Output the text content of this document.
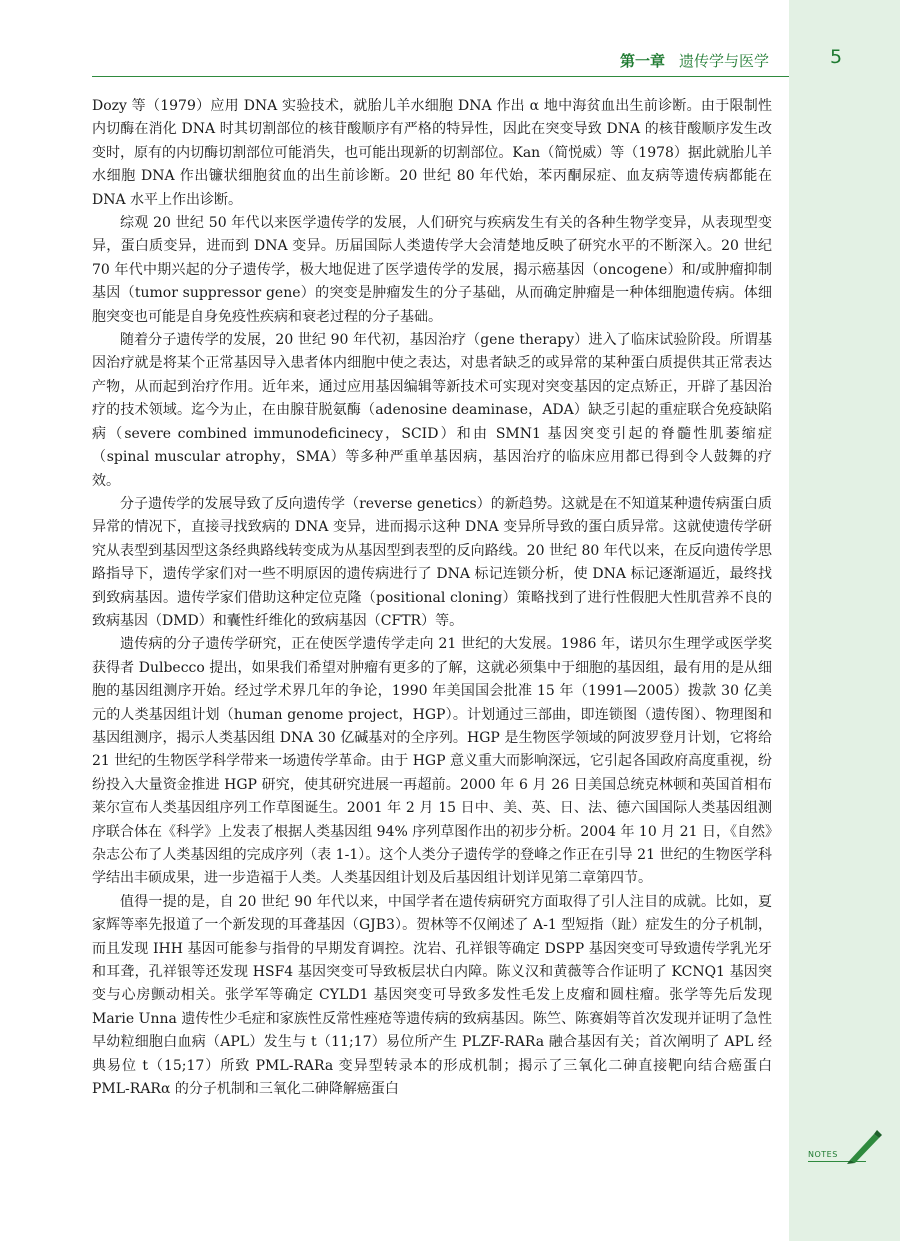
第一章 遗传学与医学	5

Dozy 等（1979）应用 DNA 实验技术，就胎儿羊水细胞 DNA 作出 α 地中海贫血出生前诊断。由于限制性内切酶在消化 DNA 时其切割部位的核苷酸顺序有严格的特异性，因此在突变导致 DNA 的核苷酸顺序发生改变时，原有的内切酶切割部位可能消失，也可能出现新的切割部位。Kan（简悦威）等（1978）据此就胎儿羊水细胞 DNA 作出镰状细胞贫血的出生前诊断。20 世纪 80 年代始，苯丙酮尿症、血友病等遗传病都能在 DNA 水平上作出诊断。

综观 20 世纪 50 年代以来医学遗传学的发展，人们研究与疾病发生有关的各种生物学变异，从表现型变异，蛋白质变异，进而到 DNA 变异。历届国际人类遗传学大会清楚地反映了研究水平的不断深入。20 世纪 70 年代中期兴起的分子遗传学，极大地促进了医学遗传学的发展，揭示癌基因（oncogene）和/或肿瘤抑制基因（tumor suppressor gene）的突变是肿瘤发生的分子基础，从而确定肿瘤是一种体细胞遗传病。体细胞突变也可能是自身免疫性疾病和衰老过程的分子基础。

随着分子遗传学的发展，20 世纪 90 年代初，基因治疗（gene therapy）进入了临床试验阶段。所谓基因治疗就是将某个正常基因导入患者体内细胞中使之表达，对患者缺乏的或异常的某种蛋白质提供其正常表达产物，从而起到治疗作用。近年来，通过应用基因编辑等新技术可实现对突变基因的定点矫正，开辟了基因治疗的技术领域。迄今为止，在由腺苷脱氨酶（adenosine deaminase，ADA）缺乏引起的重症联合免疫缺陷病（severe combined immunodeficinecy，SCID）和由 SMN1 基因突变引起的脊髓性肌萎缩症（spinal muscular atrophy，SMA）等多种严重单基因病，基因治疗的临床应用都已得到令人鼓舞的疗效。

分子遗传学的发展导致了反向遗传学（reverse genetics）的新趋势。这就是在不知道某种遗传病蛋白质异常的情况下，直接寻找致病的 DNA 变异，进而揭示这种 DNA 变异所导致的蛋白质异常。这就使遗传学研究从表型到基因型这条经典路线转变成为从基因型到表型的反向路线。20 世纪 80 年代以来，在反向遗传学思路指导下，遗传学家们对一些不明原因的遗传病进行了 DNA 标记连锁分析，使 DNA 标记逐渐逼近，最终找到致病基因。遗传学家们借助这种定位克隆（positional cloning）策略找到了进行性假肥大性肌营养不良的致病基因（DMD）和囊性纤维化的致病基因（CFTR）等。

遗传病的分子遗传学研究，正在使医学遗传学走向 21 世纪的大发展。1986 年，诺贝尔生理学或医学奖获得者 Dulbecco 提出，如果我们希望对肿瘤有更多的了解，这就必须集中于细胞的基因组，最有用的是从细胞的基因组测序开始。经过学术界几年的争论，1990 年美国国会批准 15 年（1991—2005）拨款 30 亿美元的人类基因组计划（human genome project，HGP）。计划通过三部曲，即连锁图（遗传图）、物理图和基因组测序，揭示人类基因组 DNA 30 亿碱基对的全序列。HGP 是生物医学领域的阿波罗登月计划，它将给 21 世纪的生物医学科学带来一场遗传学革命。由于 HGP 意义重大而影响深远，它引起各国政府高度重视，纷纷投入大量资金推进 HGP 研究，使其研究进展一再超前。2000 年 6 月 26 日美国总统克林顿和英国首相布莱尔宣布人类基因组序列工作草图诞生。2001 年 2 月 15 日中、美、英、日、法、德六国国际人类基因组测序联合体在《科学》上发表了根据人类基因组 94% 序列草图作出的初步分析。2004 年 10 月 21 日，《自然》杂志公布了人类基因组的完成序列（表 1-1）。这个人类分子遗传学的登峰之作正在引导 21 世纪的生物医学科学结出丰硕成果，进一步造福于人类。人类基因组计划及后基因组计划详见第二章第四节。

值得一提的是，自 20 世纪 90 年代以来，中国学者在遗传病研究方面取得了引人注目的成就。比如，夏家辉等率先报道了一个新发现的耳聋基因（GJB3）。贺林等不仅阐述了 A-1 型短指（趾）症发生的分子机制，而且发现 IHH 基因可能参与指骨的早期发育调控。沈岩、孔祥银等确定 DSPP 基因突变可导致遗传学乳光牙和耳聋，孔祥银等还发现 HSF4 基因突变可导致板层状白内障。陈义汉和黄薇等合作证明了 KCNQ1 基因突变与心房颤动相关。张学军等确定 CYLD1 基因突变可导致多发性毛发上皮瘤和圆柱瘤。张学等先后发现 Marie Unna 遗传性少毛症和家族性反常性痤疮等遗传病的致病基因。陈竺、陈赛娟等首次发现并证明了急性早幼粒细胞白血病（APL）发生与 t（11;17）易位所产生 PLZF-RARa 融合基因有关；首次阐明了 APL 经典易位 t（15;17）所致 PML-RARa 变异型转录本的形成机制；揭示了三氧化二砷直接靶向结合癌蛋白 PML-RARα 的分子机制和三氧化二砷降解癌蛋白

NOTES
